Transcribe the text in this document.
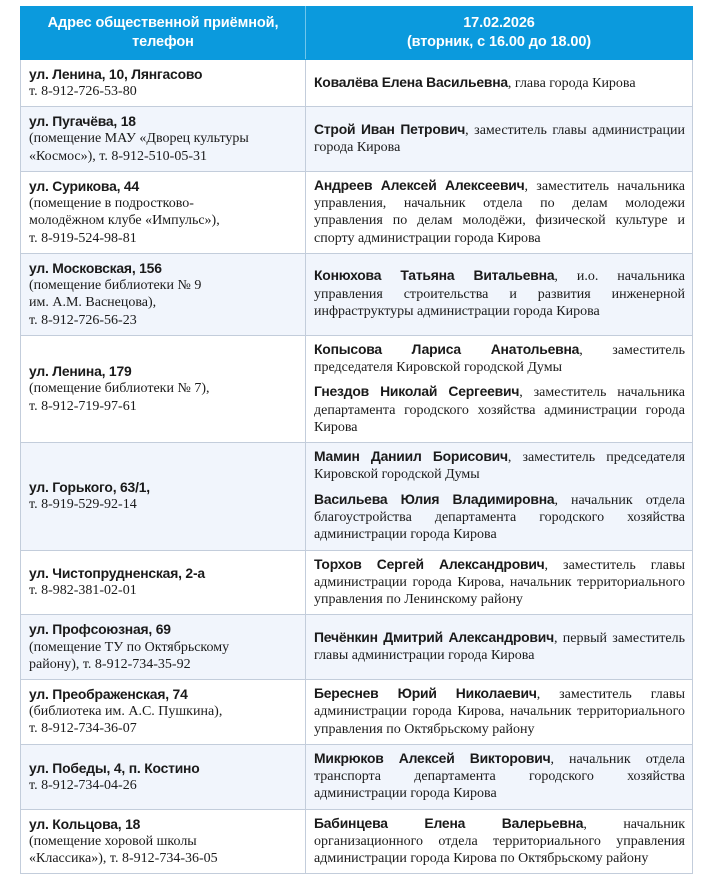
Адрес общественной приёмной,
телефон	17.02.2026
(вторник, с 16.00 до 18.00)

ул. Ленина, 10, Лянгасово
т. 8-912-726-53-80	Ковалёва Елена Васильевна, глава города Кирова

ул. Пугачёва, 18
(помещение МАУ «Дворец культуры
«Космос»), т. 8-912-510-05-31	Строй Иван Петрович, заместитель главы администрации города Кирова

ул. Сурикова, 44
(помещение в подростково-
молодёжном клубе «Импульс»),
т. 8-919-524-98-81	Андреев Алексей Алексеевич, заместитель начальника управления, начальник отдела по делам молодежи управления по делам молодёжи, физической культуре и спорту администрации города Кирова

ул. Московская, 156
(помещение библиотеки № 9
им. А.М. Васнецова),
т. 8-912-726-56-23	Конюхова Татьяна Витальевна, и.о. начальника управления строительства и развития инженерной инфраструктуры администрации города Кирова

ул. Ленина, 179
(помещение библиотеки № 7),
т. 8-912-719-97-61	Копысова Лариса Анатольевна, заместитель председателя Кировской городской Думы
Гнездов Николай Сергеевич, заместитель начальника департамента городского хозяйства администрации города Кирова

ул. Горького, 63/1,
т. 8-919-529-92-14	Мамин Даниил Борисович, заместитель председателя Кировской городской Думы
Васильева Юлия Владимировна, начальник отдела благоустройства департамента городского хозяйства администрации города Кирова

ул. Чистопрудненская, 2-а
т. 8-982-381-02-01	Торхов Сергей Александрович, заместитель главы администрации города Кирова, начальник территориального управления по Ленинскому району

ул. Профсоюзная, 69
(помещение ТУ по Октябрьскому
району), т. 8-912-734-35-92	Печёнкин Дмитрий Александрович, первый заместитель главы администрации города Кирова

ул. Преображенская, 74
(библиотека им. А.С. Пушкина),
т. 8-912-734-36-07	Береснев Юрий Николаевич, заместитель главы администрации города Кирова, начальник территориального управления по Октябрьскому району

ул. Победы, 4, п. Костино
т. 8-912-734-04-26	Микрюков Алексей Викторович, начальник отдела транспорта департамента городского хозяйства администрации города Кирова

ул. Кольцова, 18
(помещение хоровой школы
«Классика»), т. 8-912-734-36-05	Бабинцева Елена Валерьевна, начальник организационного отдела территориального управления администрации города Кирова по Октябрьскому району
